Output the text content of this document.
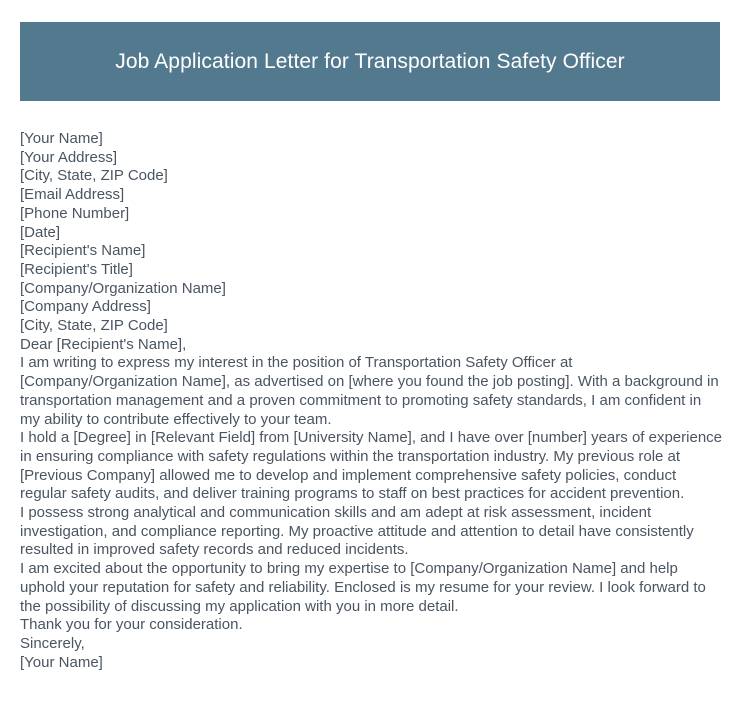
Job Application Letter for Transportation Safety Officer
[Your Name]
[Your Address]
[City, State, ZIP Code]
[Email Address]
[Phone Number]
[Date]
[Recipient's Name]
[Recipient's Title]
[Company/Organization Name]
[Company Address]
[City, State, ZIP Code]
Dear [Recipient's Name],
I am writing to express my interest in the position of Transportation Safety Officer at [Company/Organization Name], as advertised on [where you found the job posting]. With a background in transportation management and a proven commitment to promoting safety standards, I am confident in my ability to contribute effectively to your team.
I hold a [Degree] in [Relevant Field] from [University Name], and I have over [number] years of experience in ensuring compliance with safety regulations within the transportation industry. My previous role at [Previous Company] allowed me to develop and implement comprehensive safety policies, conduct regular safety audits, and deliver training programs to staff on best practices for accident prevention.
I possess strong analytical and communication skills and am adept at risk assessment, incident investigation, and compliance reporting. My proactive attitude and attention to detail have consistently resulted in improved safety records and reduced incidents.
I am excited about the opportunity to bring my expertise to [Company/Organization Name] and help uphold your reputation for safety and reliability. Enclosed is my resume for your review. I look forward to the possibility of discussing my application with you in more detail.
Thank you for your consideration.
Sincerely,
[Your Name]
